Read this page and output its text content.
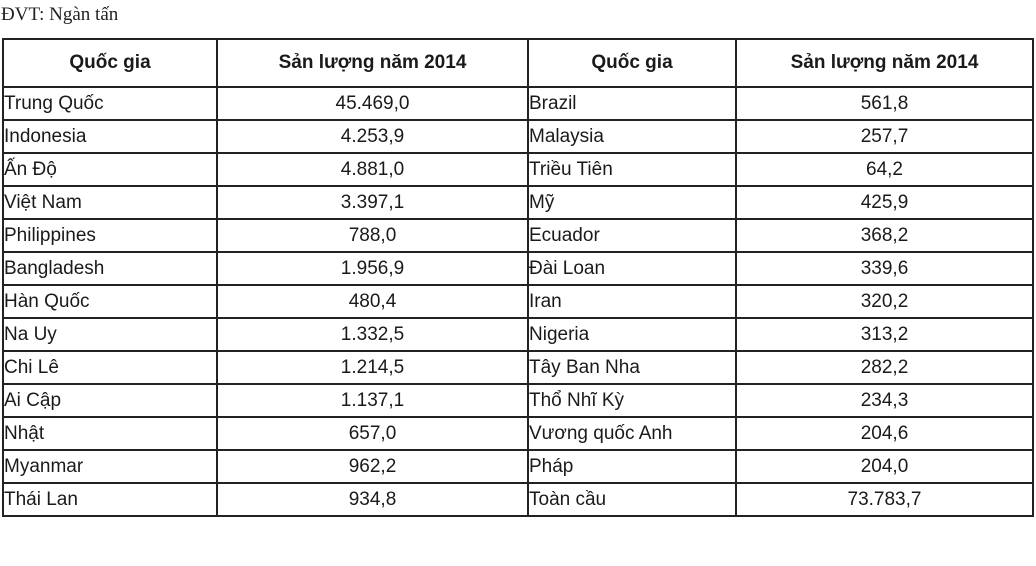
ĐVT: Ngàn tấn
Quốc gia	Sản lượng năm 2014	Quốc gia	Sản lượng năm 2014
Trung Quốc	45.469,0	Brazil	561,8
Indonesia	4.253,9	Malaysia	257,7
Ấn Độ	4.881,0	Triều Tiên	64,2
Việt Nam	3.397,1	Mỹ	425,9
Philippines	788,0	Ecuador	368,2
Bangladesh	1.956,9	Đài Loan	339,6
Hàn Quốc	480,4	Iran	320,2
Na Uy	1.332,5	Nigeria	313,2
Chi Lê	1.214,5	Tây Ban Nha	282,2
Ai Cập	1.137,1	Thổ Nhĩ Kỳ	234,3
Nhật	657,0	Vương quốc Anh	204,6
Myanmar	962,2	Pháp	204,0
Thái Lan	934,8	Toàn cầu	73.783,7
